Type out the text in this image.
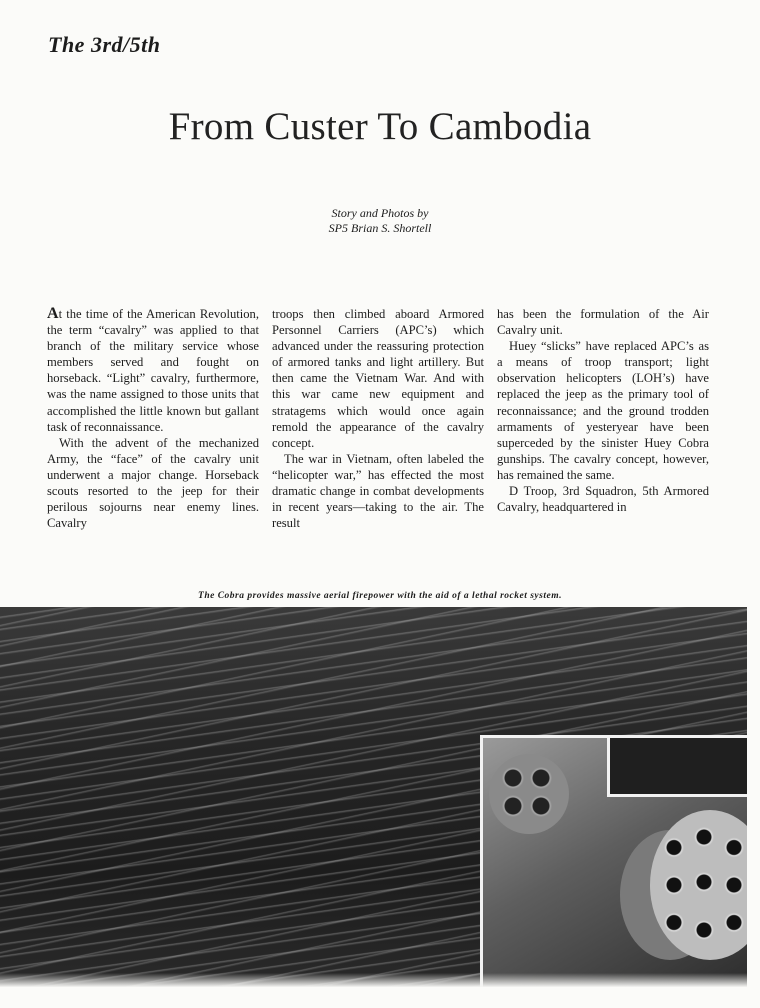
The 3rd/5th
From Custer To Cambodia
Story and Photos by
SP5 Brian S. Shortell

At the time of the American Revolution, the term “cavalry” was applied to that branch of the military service whose members served and fought on horseback. “Light” cavalry, furthermore, was the name assigned to those units that accomplished the little known but gallant task of reconnaissance.

With the advent of the mechanized Army, the “face” of the cavalry unit underwent a major change. Horseback scouts resorted to the jeep for their perilous sojourns near enemy lines. Cavalry

troops then climbed aboard Armored Personnel Carriers (APC’s) which advanced under the reassuring protection of armored tanks and light artillery. But then came the Vietnam War. And with this war came new equipment and stratagems which would once again remold the appearance of the cavalry concept.

The war in Vietnam, often labeled the “helicopter war,” has effected the most dramatic change in combat developments in recent years—taking to the air. The result

has been the formulation of the Air Cavalry unit.

Huey “slicks” have replaced APC’s as a means of troop transport; light observation helicopters (LOH’s) have replaced the jeep as the primary tool of reconnaissance; and the ground trodden armaments of yesteryear have been superceded by the sinister Huey Cobra gunships. The cavalry concept, however, has remained the same.

D Troop, 3rd Squadron, 5th Armored Cavalry, headquartered in

The Cobra provides massive aerial firepower with the aid of a lethal rocket system.
